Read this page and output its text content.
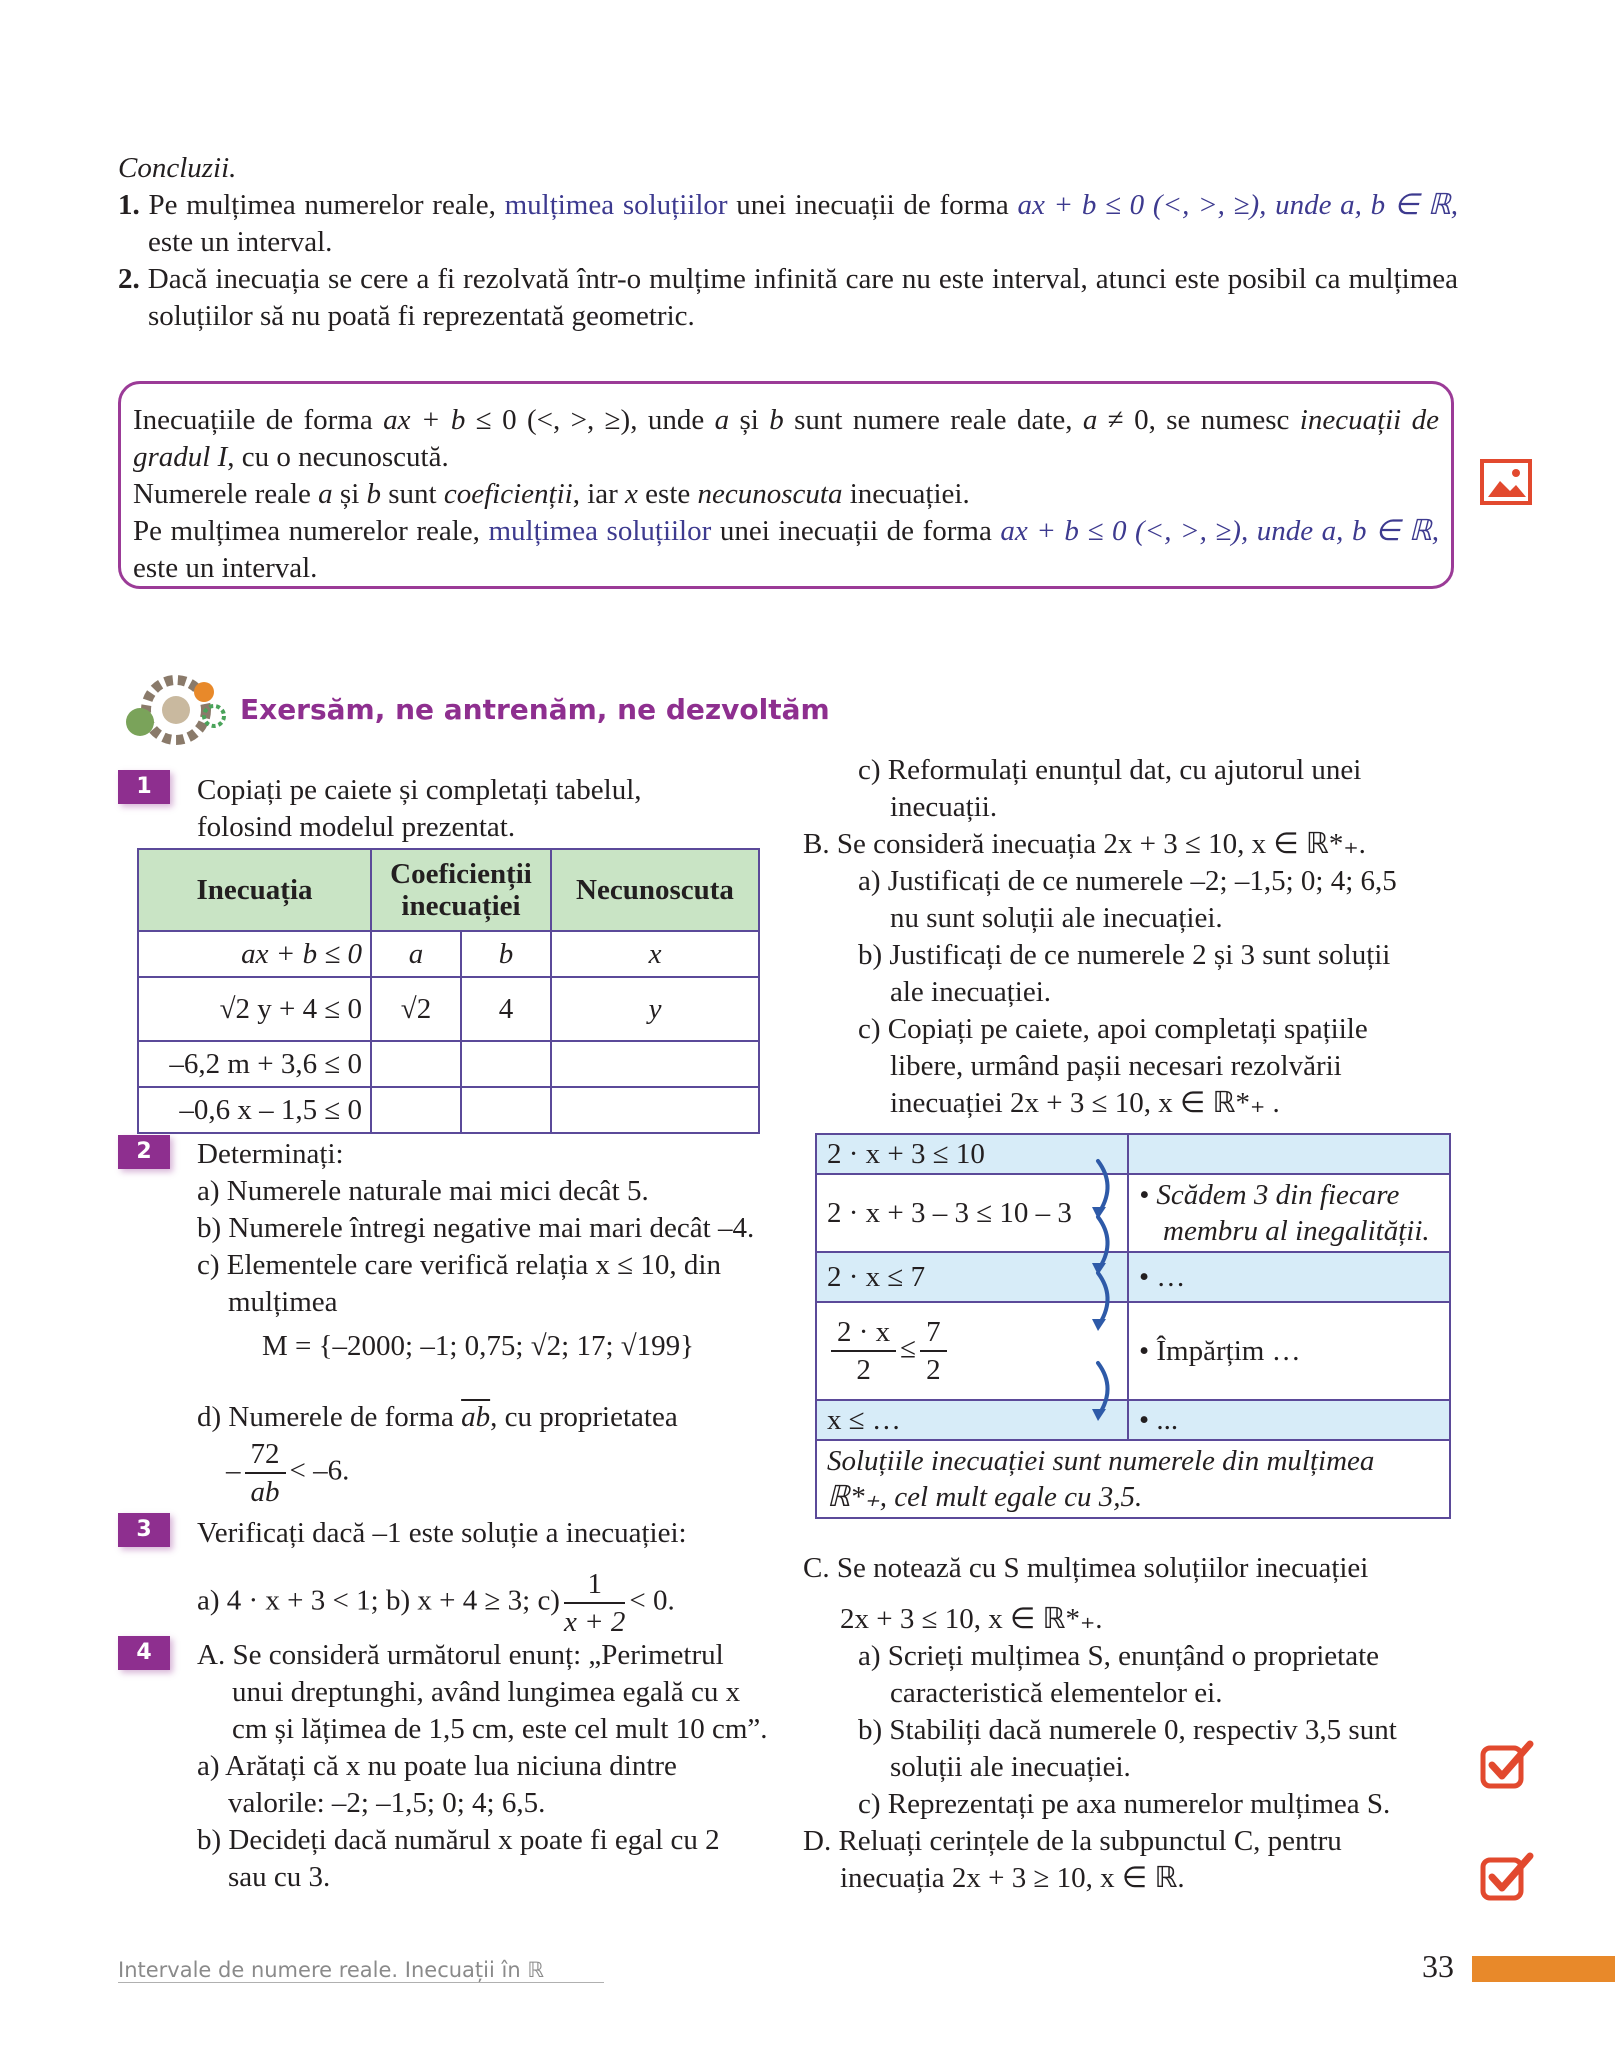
Concluzii.
1. Pe mulțimea numerelor reale, mulțimea soluțiilor unei inecuații de forma ax + b ≤ 0 (<, >, ≥), unde a, b ∈ ℝ, este un interval.
2. Dacă inecuația se cere a fi rezolvată într-o mulțime infinită care nu este interval, atunci este posibil ca mulțimea soluțiilor să nu poată fi reprezentată geometric.
Inecuațiile de forma ax + b ≤ 0 (<, >, ≥), unde a și b sunt numere reale date, a ≠ 0, se numesc inecuații de gradul I, cu o necunoscută.
Numerele reale a și b sunt coeficienții, iar x este necunoscuta inecuației.
Pe mulțimea numerelor reale, mulțimea soluțiilor unei inecuații de forma ax + b ≤ 0 (<, >, ≥), unde a, b ∈ ℝ, este un interval.
Exersăm, ne antrenăm, ne dezvoltăm
1	Copiați pe caiete și completați tabelul,
folosind modelul prezentat.
Inecuația	Coeficienții inecuației		Necunoscuta
ax + b ≤ 0	a	b	x
√2 y + 4 ≤ 0	√2	4	y
–6,2 m + 3,6 ≤ 0			
–0,6 x – 1,5 ≤ 0			
2	Determinați:
a) Numerele naturale mai mici decât 5.
b) Numerele întregi negative mai mari decât –4.
c) Elementele care verifică relația x ≤ 10, din
mulțimea
M = {–2000; –1; 0,75; √2; 17; √199}
d) Numerele de forma $\overline{ab}$, cu proprietatea
– $\frac{72}{ab} < -6$.
3	Verificați dacă –1 este soluție a inecuației:
a) 4 · x + 3 < 1; b) x + 4 ≥ 3; $c) \frac{1}{x + 2} < 0$.
4	A. Se consideră următorul enunț: „Perimetrul
unui dreptunghi, având lungimea egală cu x
cm și lățimea de 1,5 cm, este cel mult 10 cm”.
a) Arătați că x nu poate lua niciuna dintre
valorile: –2; –1,5; 0; 4; 6,5.
b) Decideți dacă numărul x poate fi egal cu 2
sau cu 3.
c) Reformulați enunțul dat, cu ajutorul unei
inecuații.
B. Se consideră inecuația 2x + 3 ≤ 10, x ∈ ℝ*₊.
a) Justificați de ce numerele –2; –1,5; 0; 4; 6,5
nu sunt soluții ale inecuației.
b) Justificați de ce numerele 2 și 3 sunt soluții
ale inecuației.
c) Copiați pe caiete, apoi completați spațiile
libere, urmând pașii necesari rezolvării
inecuației 2x + 3 ≤ 10, x ∈ ℝ*₊ .
2 · x + 3 ≤ 10	
2 · x + 3 – 3 ≤ 10 – 3	• Scădem 3 din fiecare membru al inegalității.
2 · x ≤ 7	• …

$\frac{2 \cdot x}{2} \le \frac{7}{2}$	• Împărțim …
x ≤ …	• ...
Soluțiile inecuației sunt numerele din mulțimea ℝ*₊, cel mult egale cu 3,5.	
C. Se notează cu S mulțimea soluțiilor inecuației
2x + 3 ≤ 10, x ∈ ℝ*₊.
a) Scrieți mulțimea S, enunțând o proprietate
caracteristică elementelor ei.
b) Stabiliți dacă numerele 0, respectiv 3,5 sunt
soluții ale inecuației.
c) Reprezentați pe axa numerelor mulțimea S.
D. Reluați cerințele de la subpunctul C, pentru
inecuația 2x + 3 ≥ 10, x ∈ ℝ.
Intervale de numere reale. Inecuații în ℝ	33
